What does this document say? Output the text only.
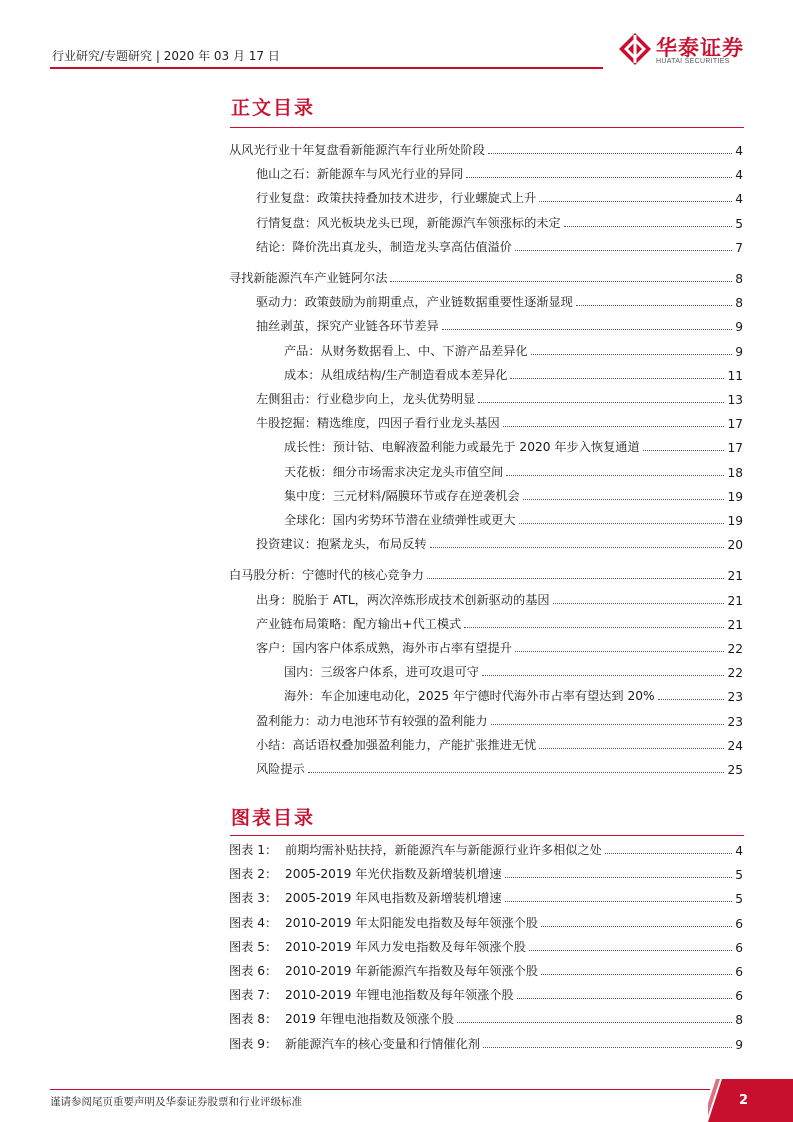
行业研究/专题研究 | 2020 年 03 月 17 日	华泰证券
HUATAI SECURITIES
正文目录
从风光行业十年复盘看新能源汽车行业所处阶段	4
他山之石：新能源车与风光行业的异同	4
行业复盘：政策扶持叠加技术进步，行业螺旋式上升	4
行情复盘：风光板块龙头已现，新能源汽车领涨标的未定	5
结论：降价洗出真龙头，制造龙头享高估值溢价	7
寻找新能源汽车产业链阿尔法	8
驱动力：政策鼓励为前期重点，产业链数据重要性逐渐显现	8
抽丝剥茧，探究产业链各环节差异	9
产品：从财务数据看上、中、下游产品差异化	9
成本：从组成结构/生产制造看成本差异化	11
左侧狙击：行业稳步向上，龙头优势明显	13
牛股挖掘：精选维度，四因子看行业龙头基因	17
成长性：预计钴、电解液盈利能力或最先于 2020 年步入恢复通道	17
天花板：细分市场需求决定龙头市值空间	18
集中度：三元材料/隔膜环节或存在逆袭机会	19
全球化：国内劣势环节潜在业绩弹性或更大	19
投资建议：抱紧龙头，布局反转	20
白马股分析：宁德时代的核心竞争力	21
出身：脱胎于 ATL，两次淬炼形成技术创新驱动的基因	21
产业链布局策略：配方输出+代工模式	21
客户：国内客户体系成熟，海外市占率有望提升	22
国内：三级客户体系，进可攻退可守	22
海外：车企加速电动化，2025 年宁德时代海外市占率有望达到 20%	23
盈利能力：动力电池环节有较强的盈利能力	23
小结：高话语权叠加强盈利能力，产能扩张推进无忧	24
风险提示	25
图表目录
图表 1： 前期均需补贴扶持，新能源汽车与新能源行业许多相似之处	4
图表 2： 2005-2019 年光伏指数及新增装机增速	5
图表 3： 2005-2019 年风电指数及新增装机增速	5
图表 4： 2010-2019 年太阳能发电指数及每年领涨个股	6
图表 5： 2010-2019 年风力发电指数及每年领涨个股	6
图表 6： 2010-2019 年新能源汽车指数及每年领涨个股	6
图表 7： 2010-2019 年锂电池指数及每年领涨个股	6
图表 8： 2019 年锂电池指数及领涨个股	8
图表 9： 新能源汽车的核心变量和行情催化剂	9
谨请参阅尾页重要声明及华泰证券股票和行业评级标准	2
